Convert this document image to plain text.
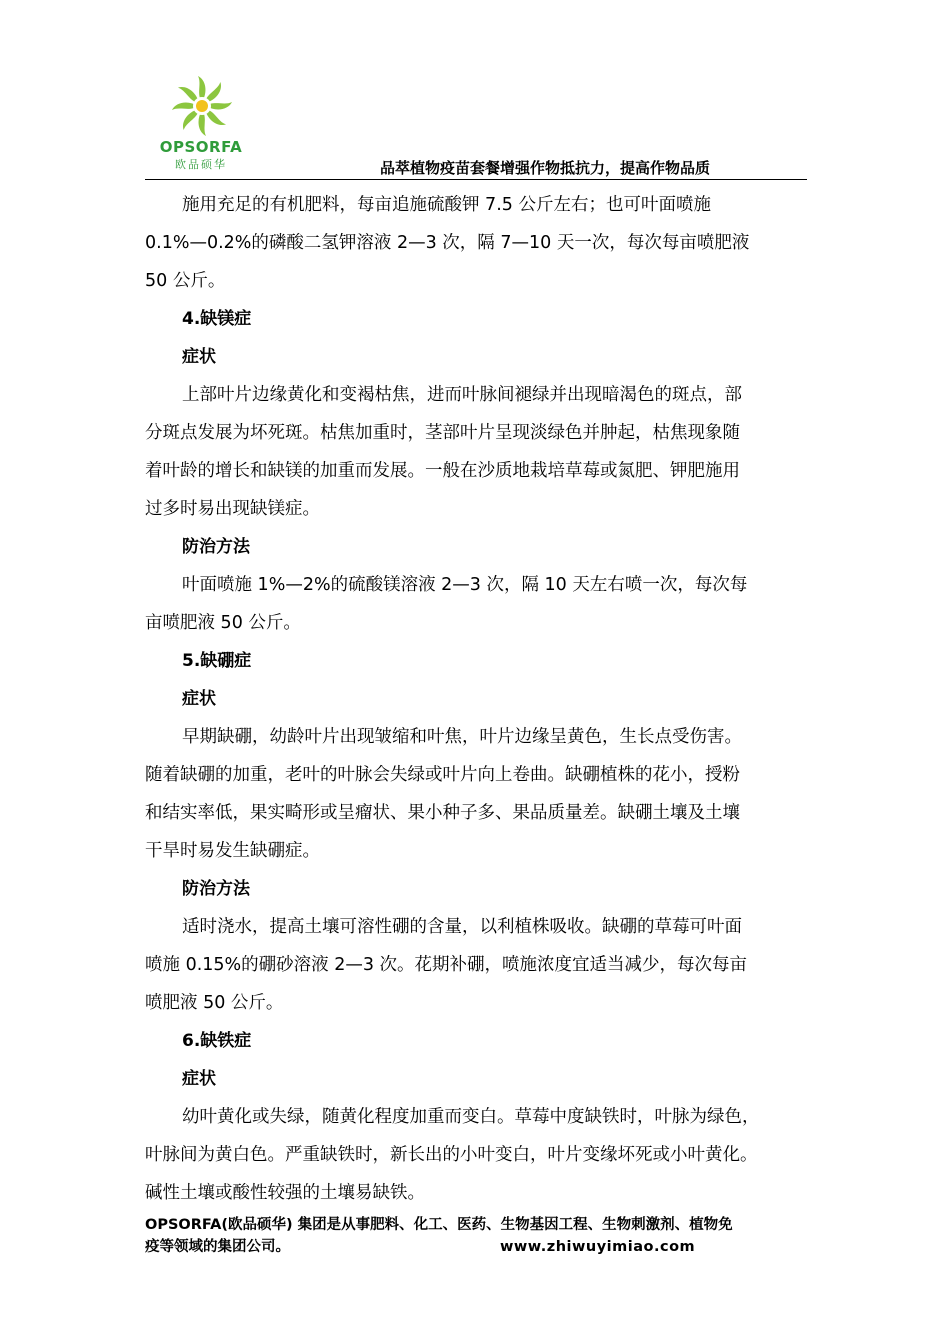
OPSORFA
欧品硕华	品萃植物疫苗套餐增强作物抵抗力，提高作物品质
施用充足的有机肥料，每亩追施硫酸钾 7.5 公斤左右；也可叶面喷施
0.1%—0.2%的磷酸二氢钾溶液 2—3 次，隔 7—10 天一次，每次每亩喷肥液
50 公斤。
4.缺镁症
症状
上部叶片边缘黄化和变褐枯焦，进而叶脉间褪绿并出现暗渴色的斑点，部
分斑点发展为坏死斑。枯焦加重时，茎部叶片呈现淡绿色并肿起，枯焦现象随
着叶龄的增长和缺镁的加重而发展。一般在沙质地栽培草莓或氮肥、钾肥施用
过多时易出现缺镁症。
防治方法
叶面喷施 1%—2%的硫酸镁溶液 2—3 次，隔 10 天左右喷一次，每次每
亩喷肥液 50 公斤。
5.缺硼症
症状
早期缺硼，幼龄叶片出现皱缩和叶焦，叶片边缘呈黄色，生长点受伤害。
随着缺硼的加重，老叶的叶脉会失绿或叶片向上卷曲。缺硼植株的花小，授粉
和结实率低，果实畸形或呈瘤状、果小种子多、果品质量差。缺硼土壤及土壤
干旱时易发生缺硼症。
防治方法
适时浇水，提高土壤可溶性硼的含量，以利植株吸收。缺硼的草莓可叶面
喷施 0.15%的硼砂溶液 2—3 次。花期补硼，喷施浓度宜适当减少，每次每亩
喷肥液 50 公斤。
6.缺铁症
症状
幼叶黄化或失绿，随黄化程度加重而变白。草莓中度缺铁时，叶脉为绿色，
叶脉间为黄白色。严重缺铁时，新长出的小叶变白，叶片变缘坏死或小叶黄化。
碱性土壤或酸性较强的土壤易缺铁。
OPSORFA(欧品硕华) 集团是从事肥料、化工、医药、生物基因工程、生物刺激剂、植物免
疫等领域的集团公司。	www.zhiwuyimiao.com
